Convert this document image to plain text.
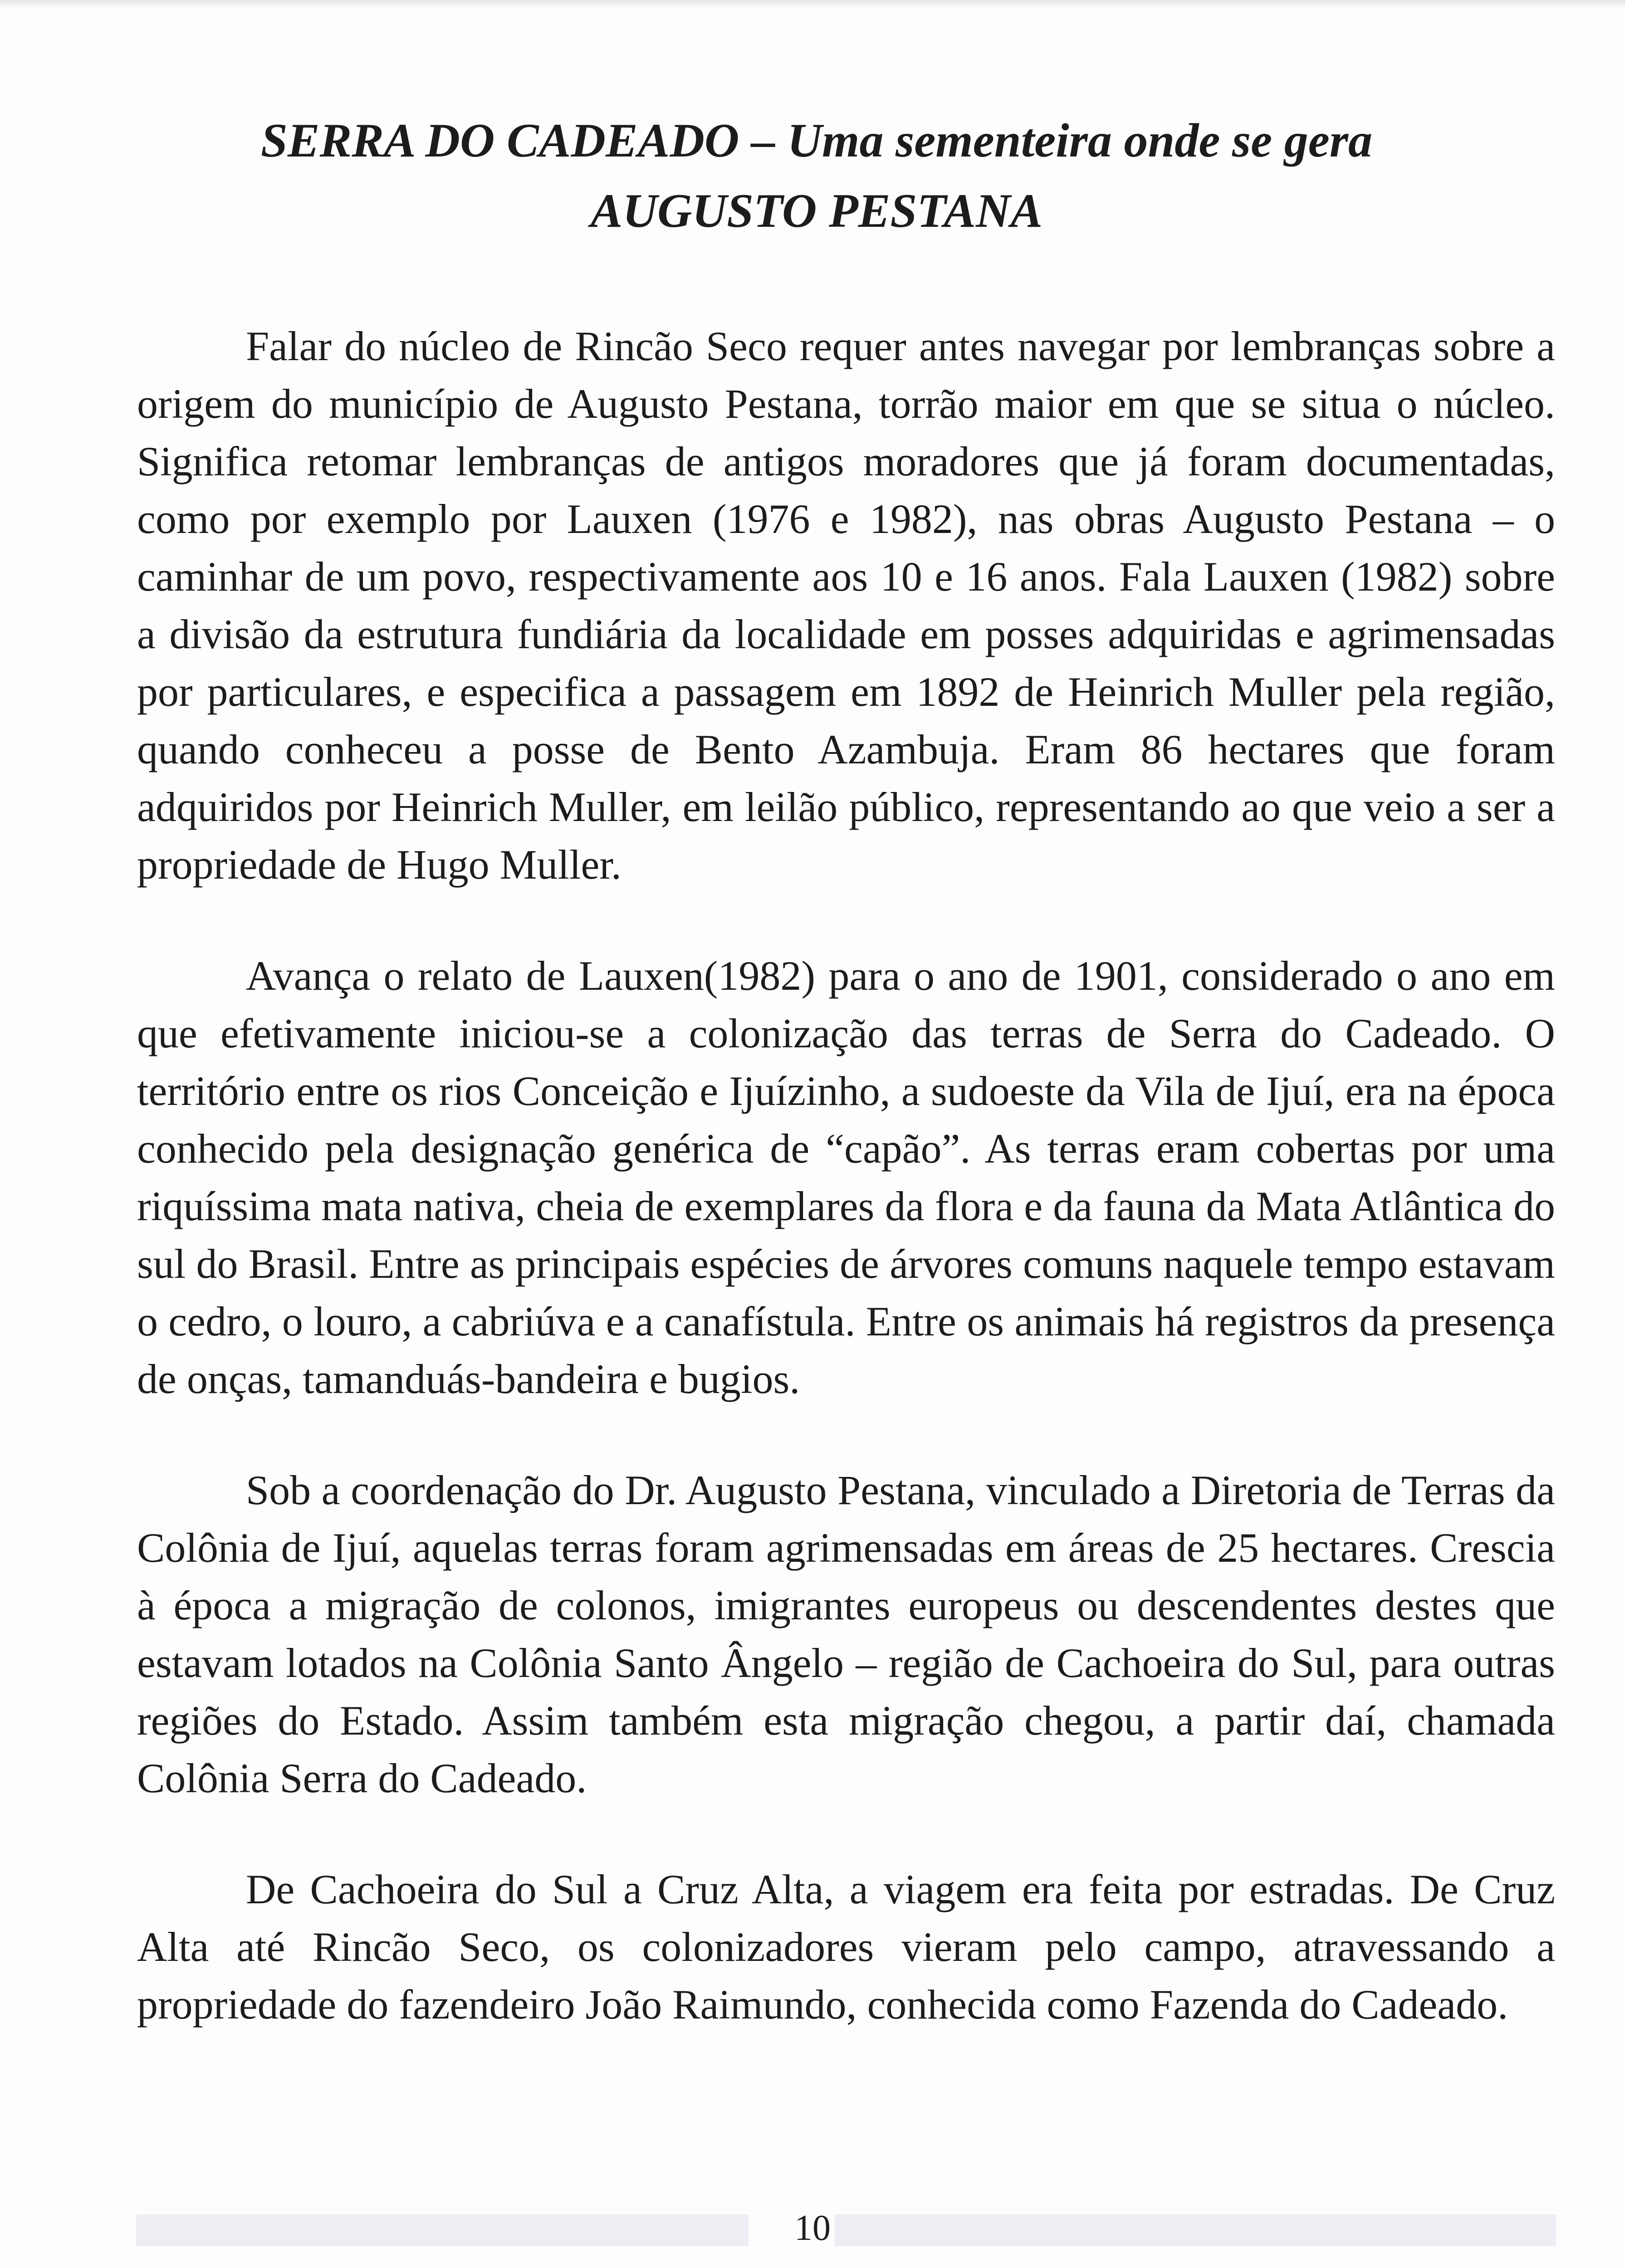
SERRA DO CADEADO – Uma sementeira onde se gera
AUGUSTO PESTANA

Falar do núcleo de Rincão Seco requer antes navegar por lembranças sobre a origem do município de Augusto Pestana, torrão maior em que se situa o núcleo. Significa retomar lembranças de antigos moradores que já foram documentadas, como por exemplo por Lauxen (1976 e 1982), nas obras Augusto Pestana – o caminhar de um povo, respectivamente aos 10 e 16 anos. Fala Lauxen (1982) sobre a divisão da estrutura fundiária da localidade em posses adquiridas e agrimensadas por particulares, e especifica a passagem em 1892 de Heinrich Muller pela região, quando conheceu a posse de Bento Azambuja. Eram 86 hectares que foram adquiridos por Heinrich Muller, em leilão público, representando ao que veio a ser a propriedade de Hugo Muller.

Avança o relato de Lauxen(1982) para o ano de 1901, considerado o ano em que efetivamente iniciou-se a colonização das terras de Serra do Cadeado. O território entre os rios Conceição e Ijuízinho, a sudoeste da Vila de Ijuí, era na época conhecido pela designação genérica de “capão”. As terras eram cobertas por uma riquíssima mata nativa, cheia de exemplares da flora e da fauna da Mata Atlântica do sul do Brasil. Entre as principais espécies de árvores comuns naquele tempo estavam o cedro, o louro, a cabriúva e a canafístula. Entre os animais há registros da presença de onças, tamanduás-bandeira e bugios.

Sob a coordenação do Dr. Augusto Pestana, vinculado a Diretoria de Terras da Colônia de Ijuí, aquelas terras foram agrimensadas em áreas de 25 hectares. Crescia à época a migração de colonos, imigrantes europeus ou descendentes destes que estavam lotados na Colônia Santo Ângelo – região de Cachoeira do Sul, para outras regiões do Estado. Assim também esta migração chegou, a partir daí, chamada Colônia Serra do Cadeado.

De Cachoeira do Sul a Cruz Alta, a viagem era feita por estradas. De Cruz Alta até Rincão Seco, os colonizadores vieram pelo campo, atravessando a propriedade do fazendeiro João Raimundo, conhecida como Fazenda do Cadeado.

10
